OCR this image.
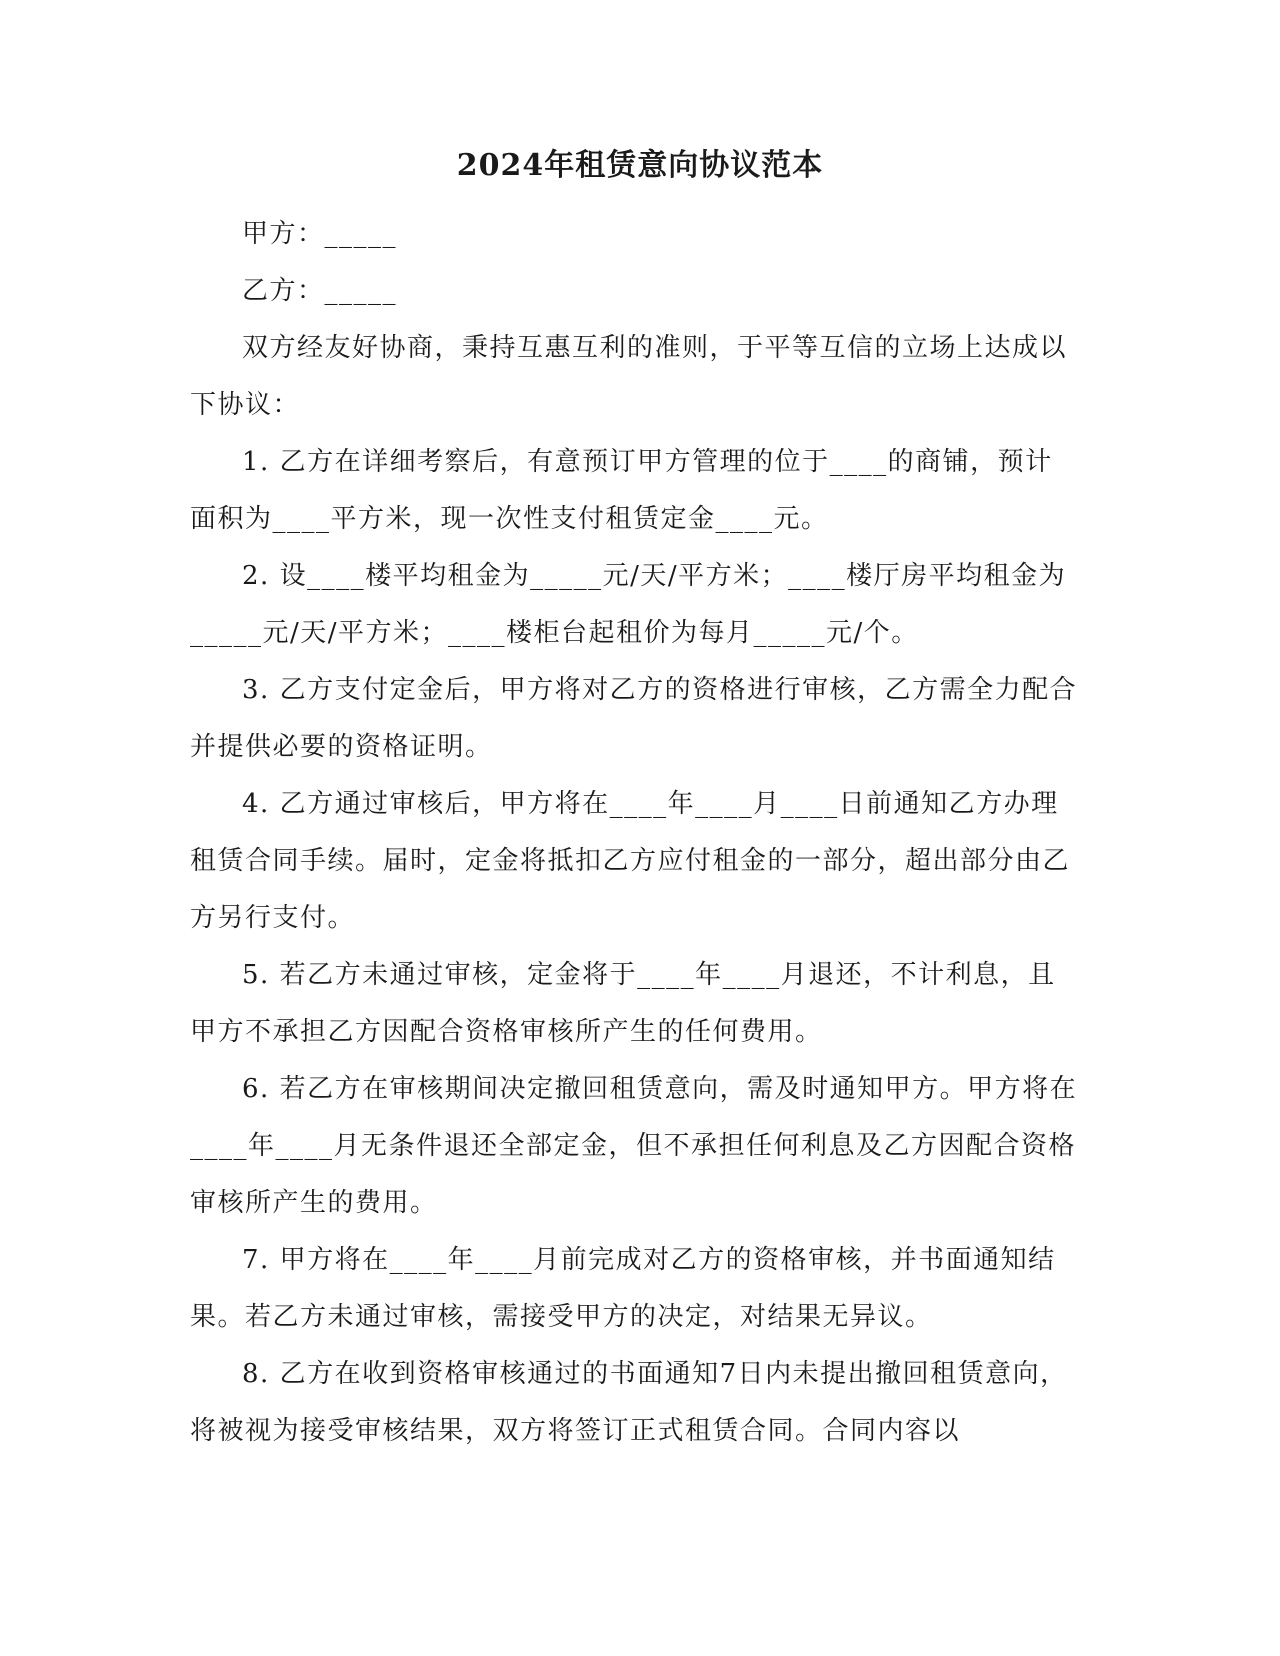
2024年租赁意向协议范本

甲方：_____

乙方：_____

双方经友好协商，秉持互惠互利的准则，于平等互信的立场上达成以下协议：

1. 乙方在详细考察后，有意预订甲方管理的位于____的商铺，预计面积为____平方米，现一次性支付租赁定金____元。

2. 设____楼平均租金为_____元/天/平方米；____楼厅房平均租金为_____元/天/平方米；____楼柜台起租价为每月_____元/个。

3. 乙方支付定金后，甲方将对乙方的资格进行审核，乙方需全力配合并提供必要的资格证明。

4. 乙方通过审核后，甲方将在____年____月____日前通知乙方办理租赁合同手续。届时，定金将抵扣乙方应付租金的一部分，超出部分由乙方另行支付。

5. 若乙方未通过审核，定金将于____年____月退还，不计利息，且甲方不承担乙方因配合资格审核所产生的任何费用。

6. 若乙方在审核期间决定撤回租赁意向，需及时通知甲方。甲方将在____年____月无条件退还全部定金，但不承担任何利息及乙方因配合资格审核所产生的费用。

7. 甲方将在____年____月前完成对乙方的资格审核，并书面通知结果。若乙方未通过审核，需接受甲方的决定，对结果无异议。

8. 乙方在收到资格审核通过的书面通知7日内未提出撤回租赁意向，将被视为接受审核结果，双方将签订正式租赁合同。合同内容以
